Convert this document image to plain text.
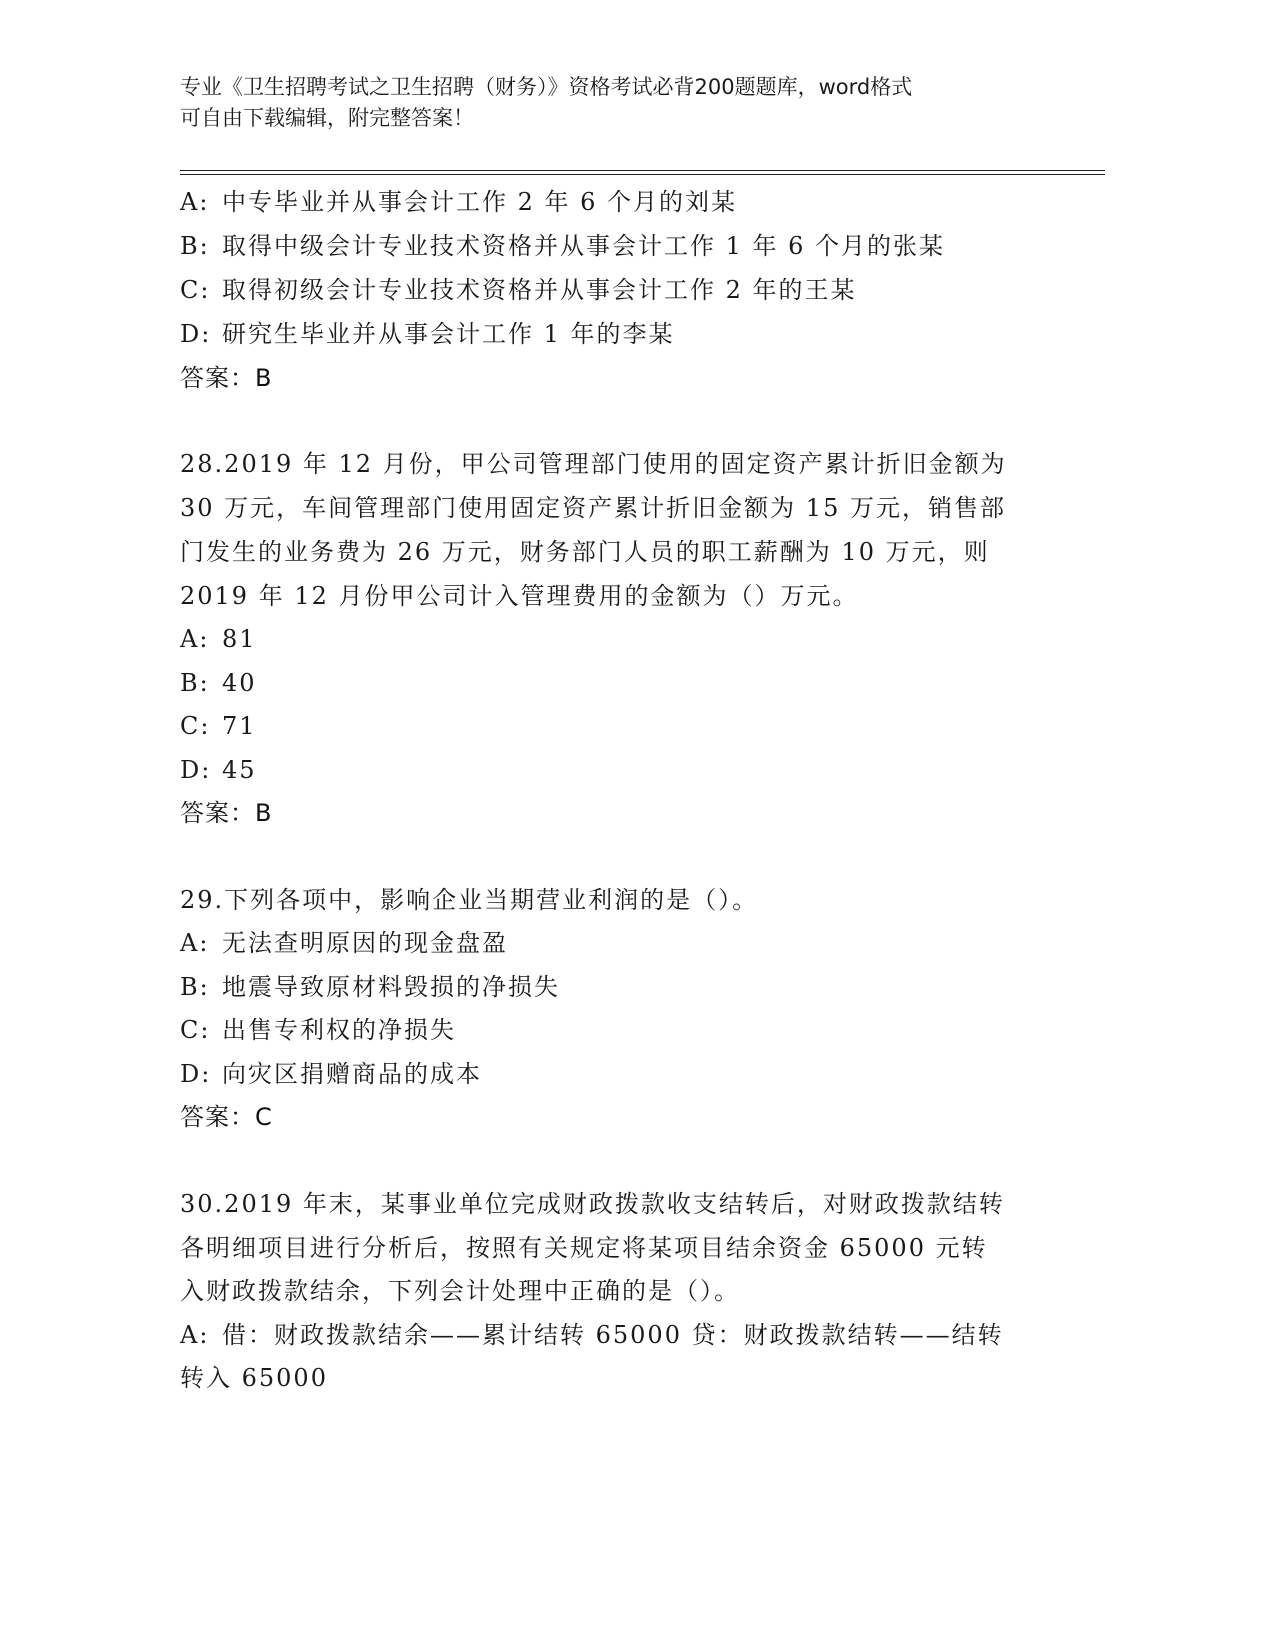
专业《卫生招聘考试之卫生招聘（财务）》资格考试必背200题题库，word格式
可自由下载编辑，附完整答案！
A: 中专毕业并从事会计工作 2 年 6 个月的刘某
B: 取得中级会计专业技术资格并从事会计工作 1 年 6 个月的张某
C: 取得初级会计专业技术资格并从事会计工作 2 年的王某
D: 研究生毕业并从事会计工作 1 年的李某
答案：B
28.2019 年 12 月份，甲公司管理部门使用的固定资产累计折旧金额为
30 万元，车间管理部门使用固定资产累计折旧金额为 15 万元，销售部
门发生的业务费为 26 万元，财务部门人员的职工薪酬为 10 万元，则
2019 年 12 月份甲公司计入管理费用的金额为（）万元。
A: 81
B: 40
C: 71
D: 45
答案：B
29.下列各项中，影响企业当期营业利润的是（）。
A: 无法查明原因的现金盘盈
B: 地震导致原材料毁损的净损失
C: 出售专利权的净损失
D: 向灾区捐赠商品的成本
答案：C
30.2019 年末，某事业单位完成财政拨款收支结转后，对财政拨款结转
各明细项目进行分析后，按照有关规定将某项目结余资金 65000 元转
入财政拨款结余，下列会计处理中正确的是（）。
A: 借：财政拨款结余——累计结转 65000 贷：财政拨款结转——结转
转入 65000
